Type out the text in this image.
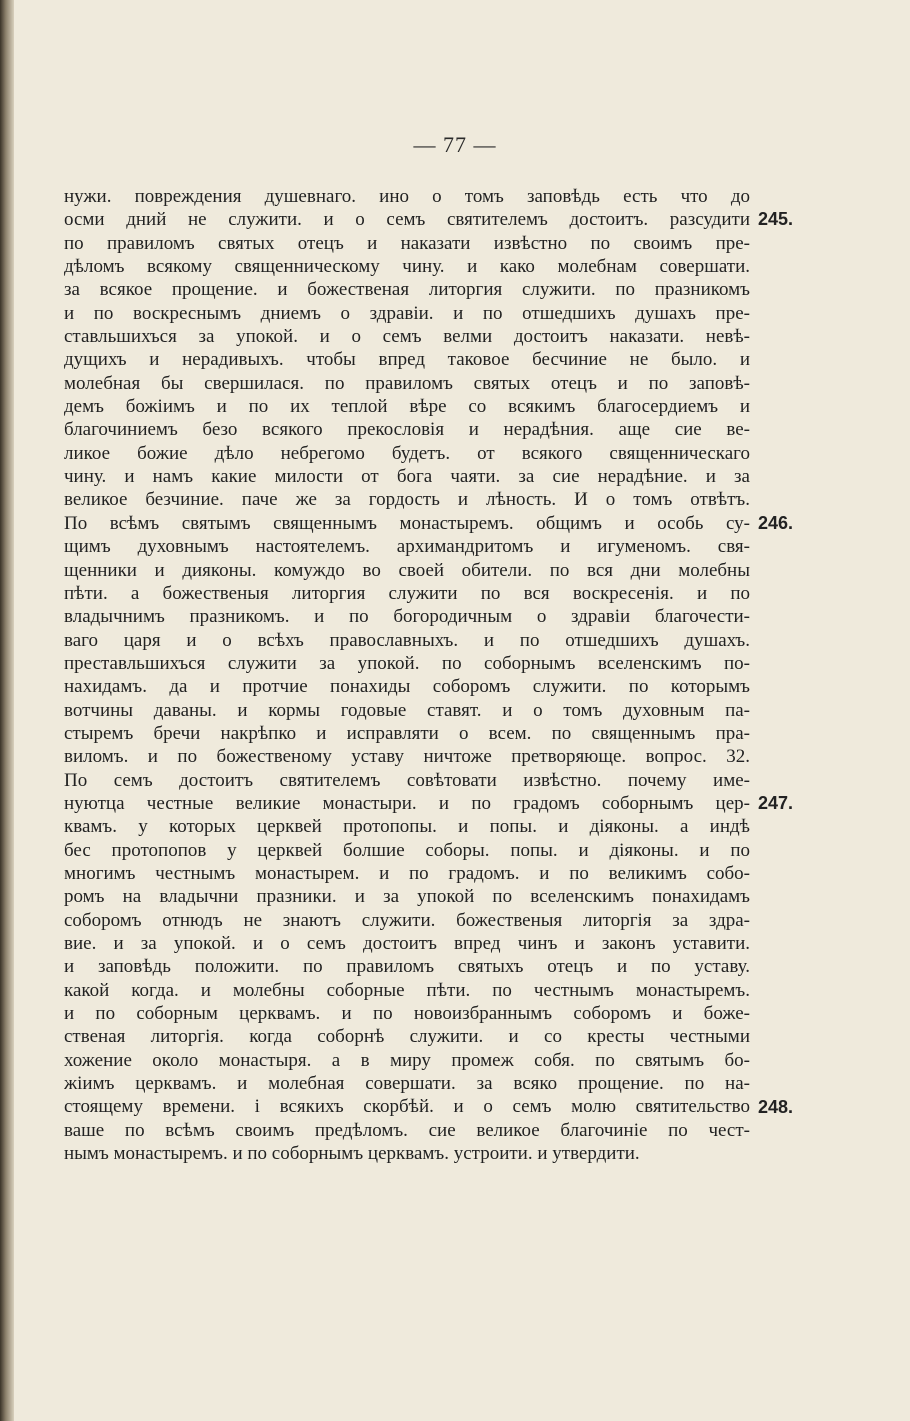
— 77 —
нужи. повреждения душевнаго. ино о томъ заповѣдь есть что до
осми дний не служити. и о семъ святителемъ достоитъ. разсудити
по правиломъ святых отецъ и наказати извѣстно по своимъ пре-
дѣломъ всякому священническому чину. и како молебнам совершати.
за всякое прощение. и божественая литоргия служити. по празникомъ
и по воскреснымъ дниемъ о здравіи. и по отшедшихъ душахъ пре-
ставльшихъся за упокой. и о семъ велми достоитъ наказати. невѣ-
дущихъ и нерадивыхъ. чтобы впред таковое бесчиние не было. и
молебная бы свершилася. по правиломъ святых отецъ и по заповѣ-
демъ божіимъ и по их теплой вѣре со всякимъ благосердиемъ и
благочиниемъ безо всякого прекословія и нерадѣния. аще сие ве-
ликое божие дѣло небрегомо будетъ. от всякого священническаго
чину. и намъ какие милости от бога чаяти. за сие нерадѣние. и за
великое безчиние. паче же за гордость и лѣность. И о томъ отвѣтъ.
По всѣмъ святымъ священнымъ монастыремъ. общимъ и особь су-
щимъ духовнымъ настоятелемъ. архимандритомъ и игуменомъ. свя-
щенники и дияконы. комуждо во своей обители. по вся дни молебны
пѣти. а божественыя литоргия служити по вся воскресенія. и по
владычнимъ празникомъ. и по богородичным о здравіи благочести-
ваго царя и о всѣхъ православныхъ. и по отшедшихъ душахъ.
преставльшихъся служити за упокой. по соборнымъ вселенскимъ по-
нахидамъ. да и протчие понахиды соборомъ служити. по которымъ
вотчины даваны. и кормы годовые ставят. и о томъ духовным па-
стыремъ бречи накрѣпко и исправляти о всем. по священнымъ пра-
виломъ. и по божественому уставу ничтоже претворяюще. вопрос. 32.
По семъ достоитъ святителемъ совѣтовати извѣстно. почему име-
нуютца честные великие монастыри. и по градомъ соборнымъ цер-
квамъ. у которых церквей протопопы. и попы. и діяконы. а индѣ
бес протопопов у церквей болшие соборы. попы. и діяконы. и по
многимъ честнымъ монастырем. и по градомъ. и по великимъ собо-
ромъ на владычни празники. и за упокой по вселенскимъ понахидамъ
соборомъ отнюдъ не знаютъ служити. божественыя литоргія за здра-
вие. и за упокой. и о семъ достоитъ впред чинъ и законъ уставити.
и заповѣдь положити. по правиломъ святыхъ отецъ и по уставу.
какой когда. и молебны соборные пѣти. по честнымъ монастыремъ.
и по соборным церквамъ. и по новоизбраннымъ соборомъ и боже-
ственая литоргія. когда соборнѣ служити. и со кресты честными
хожение около монастыря. а в миру промеж собя. по святымъ бо-
жіимъ церквамъ. и молебная совершати. за всяко прощение. по на-
стоящему времени. і всякихъ скорбѣй. и о семъ молю святительство
ваше по всѣмъ своимъ предѣломъ. сие великое благочиніе по чест-
нымъ монастыремъ. и по соборнымъ церквамъ. устроити. и утвердити.
245.
246.
247.
248.
